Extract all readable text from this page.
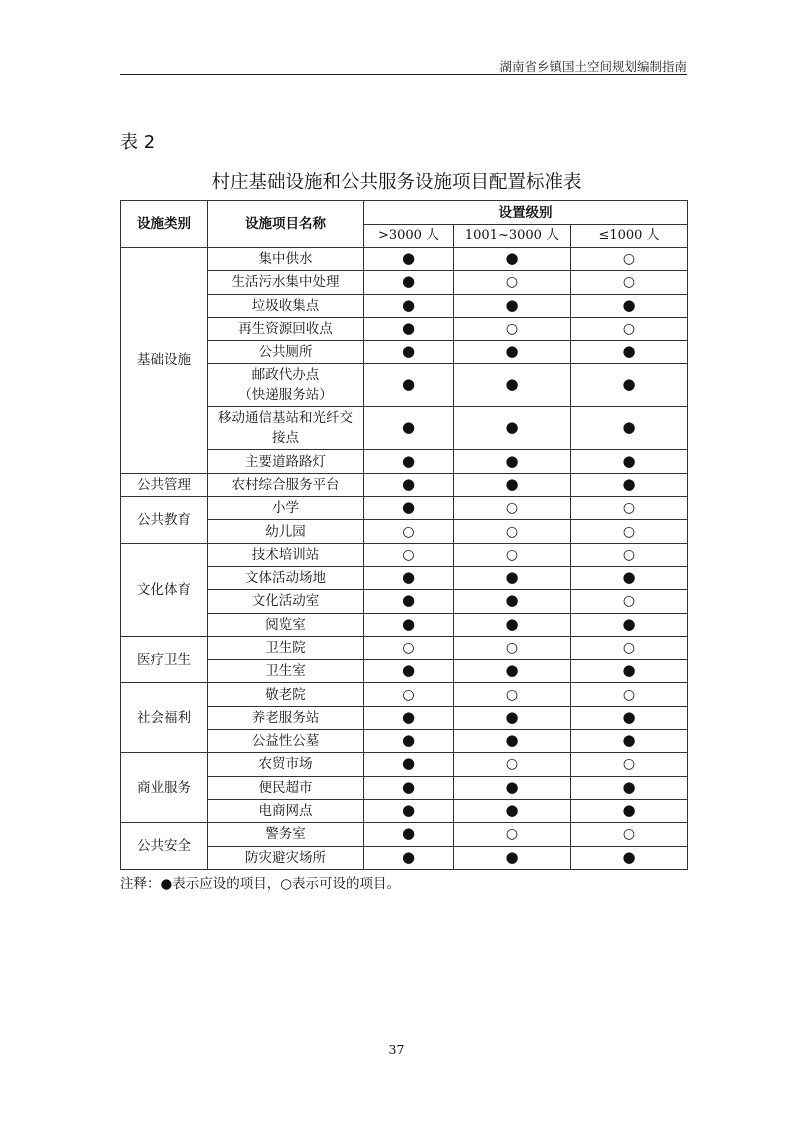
湖南省乡镇国土空间规划编制指南
表 2
村庄基础设施和公共服务设施项目配置标准表
设施类别	设施项目名称	设置级别		
		>3000 人	1001~3000 人	≤1000 人
基础设施	集中供水	●	●	○
	生活污水集中处理	●	○	○
	垃圾收集点	●	●	●
	再生资源回收点	●	○	○
	公共厕所	●	●	●

	邮政代办点
（快递服务站）	●	●	●

	移动通信基站和光纤交
接点	●	●	●
	主要道路路灯	●	●	●
公共管理	农村综合服务平台	●	●	●
公共教育	小学	●	○	○
	幼儿园	○	○	○
文化体育	技术培训站	○	○	○
	文体活动场地	●	●	●
	文化活动室	●	●	○
	阅览室	●	●	●
医疗卫生	卫生院	○	○	○
	卫生室	●	●	●
社会福利	敬老院	○	○	○
	养老服务站	●	●	●
	公益性公墓	●	●	●
商业服务	农贸市场	●	○	○
	便民超市	●	●	●
	电商网点	●	●	●
公共安全	警务室	●	○	○
	防灾避灾场所	●	●	●
注释：●表示应设的项目，○表示可设的项目。
37
